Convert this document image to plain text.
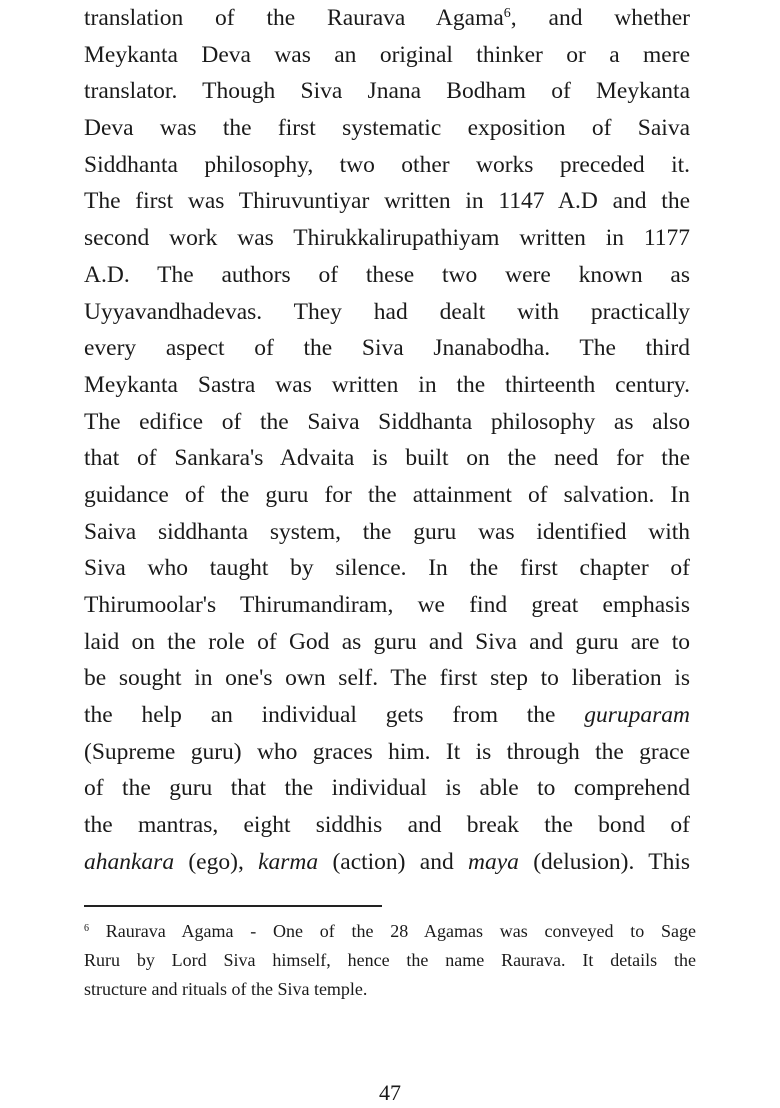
translation of the Raurava Agama$^6$, and whether
Meykanta Deva was an original thinker or a mere
translator. Though Siva Jnana Bodham of Meykanta
Deva was the first systematic exposition of Saiva
Siddhanta philosophy, two other works preceded it.
The first was Thiruvuntiyar written in 1147 A.D and the
second work was Thirukkalirupathiyam written in 1177
A.D. The authors of these two were known as
Uyyavandhadevas. They had dealt with practically
every aspect of the Siva Jnanabodha. The third
Meykanta Sastra was written in the thirteenth century.
The edifice of the Saiva Siddhanta philosophy as also
that of Sankara's Advaita is built on the need for the
guidance of the guru for the attainment of salvation. In
Saiva siddhanta system, the guru was identified with
Siva who taught by silence. In the first chapter of
Thirumoolar's Thirumandiram, we find great emphasis
laid on the role of God as guru and Siva and guru are to
be sought in one's own self. The first step to liberation is
the help an individual gets from the guruparam
(Supreme guru) who graces him. It is through the grace
of the guru that the individual is able to comprehend
the mantras, eight siddhis and break the bond of
ahankara (ego), karma (action) and maya (delusion). This
$^6$ Raurava Agama - One of the 28 Agamas was conveyed to Sage
Ruru by Lord Siva himself, hence the name Raurava. It details the
structure and rituals of the Siva temple.
47
